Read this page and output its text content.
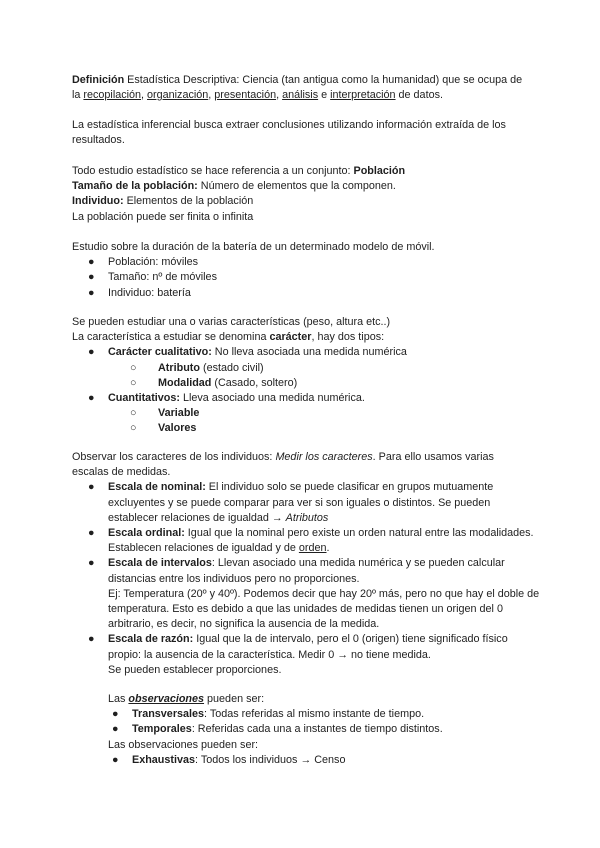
Definición Estadística Descriptiva: Ciencia (tan antigua como la humanidad) que se ocupa de la recopilación, organización, presentación, análisis e interpretación de datos.

La estadística inferencial busca extraer conclusiones utilizando información extraída de los resultados.

Todo estudio estadístico se hace referencia a un conjunto: Población

Tamaño de la población: Número de elementos que la componen.

Individuo: Elementos de la población

La población puede ser finita o infinita

Estudio sobre la duración de la batería de un determinado modelo de móvil.

● Población: móviles
● Tamaño: nº de móviles
● Individuo: batería

Se pueden estudiar una o varias características (peso, altura etc..)

La característica a estudiar se denomina carácter, hay dos tipos:

● Carácter cualitativo: No lleva asociada una medida numérica
○ Atributo (estado civil)
○ Modalidad (Casado, soltero)
● Cuantitativos: Lleva asociado una medida numérica.
○ Variable
○ Valores

Observar los caracteres de los individuos: Medir los caracteres. Para ello usamos varias escalas de medidas.

● Escala de nominal: El individuo solo se puede clasificar en grupos mutuamente excluyentes y se puede comparar para ver si son iguales o distintos. Se pueden establecer relaciones de igualdad → Atributos
● Escala ordinal: Igual que la nominal pero existe un orden natural entre las modalidades. Establecen relaciones de igualdad y de orden.
● Escala de intervalos: Llevan asociado una medida numérica y se pueden calcular distancias entre los individuos pero no proporciones.
Ej: Temperatura (20º y 40º). Podemos decir que hay 20º más, pero no que hay el doble de temperatura. Esto es debido a que las unidades de medidas tienen un origen del 0 arbitrario, es decir, no significa la ausencia de la medida.
● Escala de razón: Igual que la de intervalo, pero el 0 (origen) tiene significado físico propio: la ausencia de la característica. Medir 0 → no tiene medida.
Se pueden establecer proporciones.

Las observaciones pueden ser:

● Transversales: Todas referidas al mismo instante de tiempo.
● Temporales: Referidas cada una a instantes de tiempo distintos.

Las observaciones pueden ser:

● Exhaustivas: Todos los individuos → Censo
